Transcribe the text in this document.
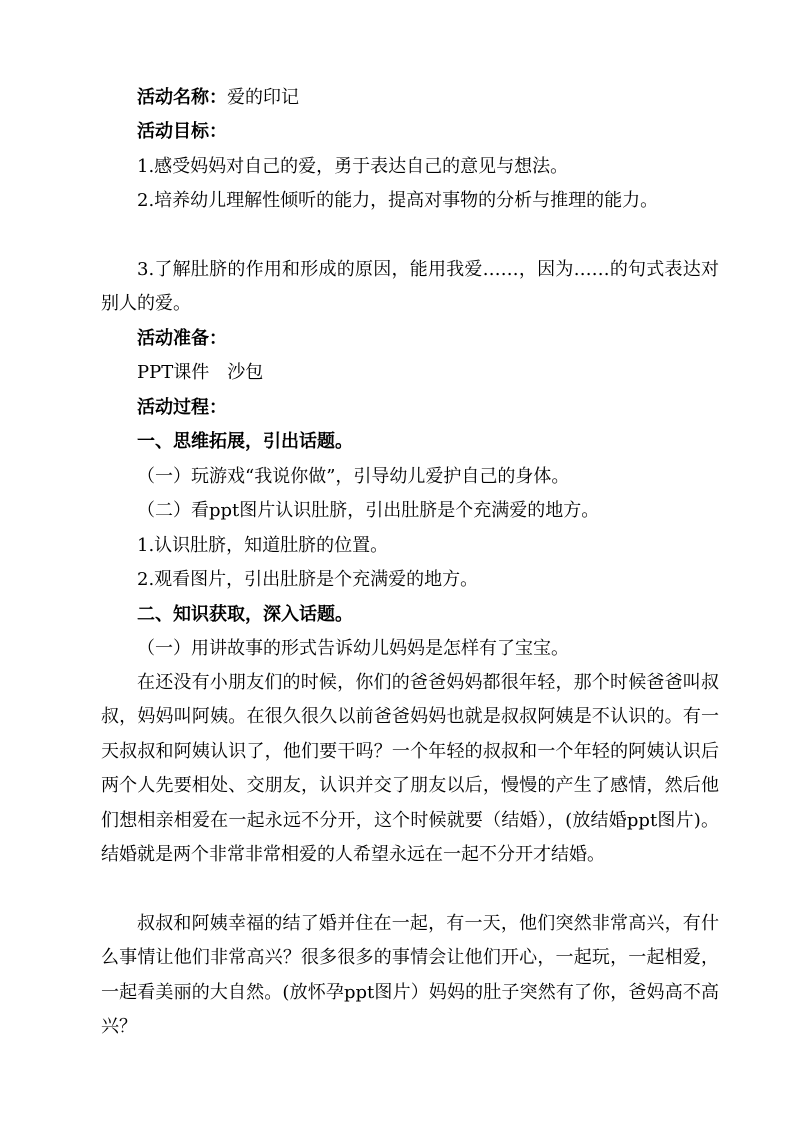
活动名称：爱的印记
活动目标：
1.感受妈妈对自己的爱，勇于表达自己的意见与想法。
2.培养幼儿理解性倾听的能力，提高对事物的分析与推理的能力。
3.了解肚脐的作用和形成的原因，能用我爱……，因为……的句式表达对别人的爱。
活动准备：
PPT课件　沙包
活动过程：
一、思维拓展，引出话题。
（一）玩游戏“我说你做”，引导幼儿爱护自己的身体。
（二）看ppt图片认识肚脐，引出肚脐是个充满爱的地方。
1.认识肚脐，知道肚脐的位置。
2.观看图片，引出肚脐是个充满爱的地方。
二、知识获取，深入话题。
（一）用讲故事的形式告诉幼儿妈妈是怎样有了宝宝。
在还没有小朋友们的时候，你们的爸爸妈妈都很年轻，那个时候爸爸叫叔叔，妈妈叫阿姨。在很久很久以前爸爸妈妈也就是叔叔阿姨是不认识的。有一天叔叔和阿姨认识了，他们要干吗？一个年轻的叔叔和一个年轻的阿姨认识后两个人先要相处、交朋友，认识并交了朋友以后，慢慢的产生了感情，然后他们想相亲相爱在一起永远不分开，这个时候就要（结婚），(放结婚ppt图片)。结婚就是两个非常非常相爱的人希望永远在一起不分开才结婚。
叔叔和阿姨幸福的结了婚并住在一起，有一天，他们突然非常高兴，有什么事情让他们非常高兴？很多很多的事情会让他们开心，一起玩，一起相爱，一起看美丽的大自然。(放怀孕ppt图片）妈妈的肚子突然有了你，爸妈高不高兴？
